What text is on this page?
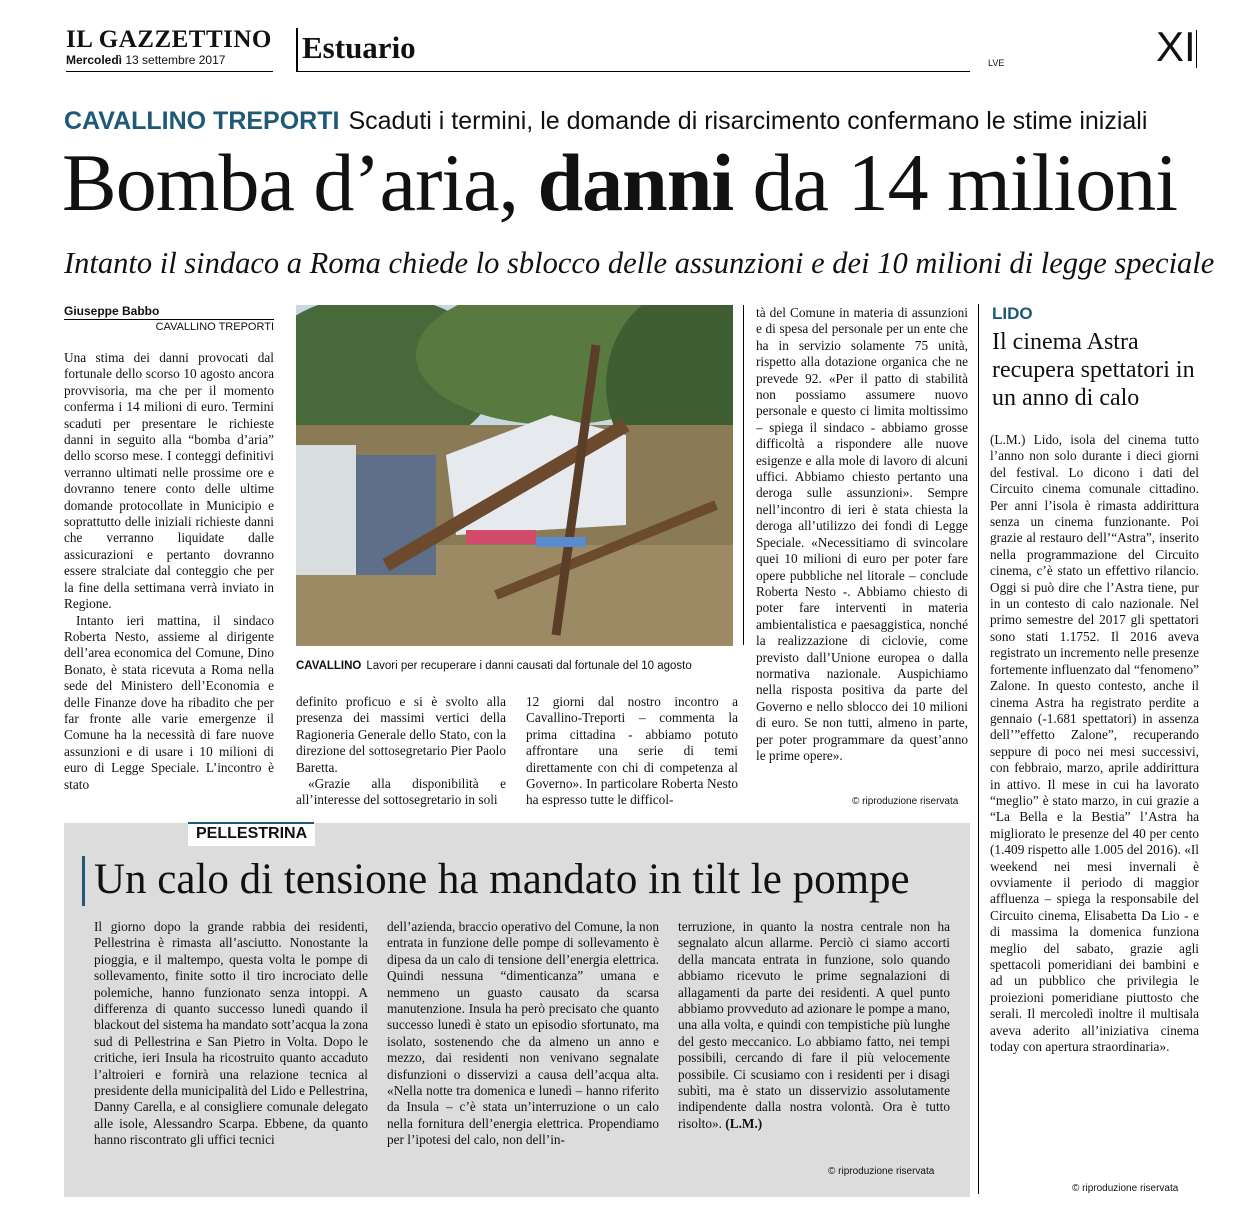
IL GAZZETTINO
Mercoledì 13 settembre 2017 Estuario	LVE	XI
CAVALLINO TREPORTI Scaduti i termini, le domande di risarcimento confermano le stime iniziali
Bomba d’aria, danni da 14 milioni
Intanto il sindaco a Roma chiede lo sblocco delle assunzioni e dei 10 milioni di legge speciale
Giuseppe Babbo
CAVALLINO TREPORTI

Una stima dei danni provocati dal fortunale dello scorso 10 agosto ancora provvisoria, ma che per il momento conferma i 14 milioni di euro. Termini scaduti per presentare le richieste danni in seguito alla “bomba d’aria” dello scorso mese. I conteggi definitivi verranno ultimati nelle prossime ore e dovranno tenere conto delle ultime domande protocollate in Municipio e soprattutto delle iniziali richieste danni che verranno liquidate dalle assicurazioni e pertanto dovranno essere stralciate dal conteggio che per la fine della settimana verrà inviato in Regione.

Intanto ieri mattina, il sindaco Roberta Nesto, assieme al dirigente dell’area economica del Comune, Dino Bonato, è stata ricevuta a Roma nella sede del Ministero dell’Economia e delle Finanze dove ha ribadito che per far fronte alle varie emergenze il Comune ha la necessità di fare nuove assunzioni e di usare i 10 milioni di euro di Legge Speciale. L’incontro è stato

CAVALLINO Lavori per recuperare i danni causati dal fortunale del 10 agosto

definito proficuo e si è svolto alla presenza dei massimi vertici della Ragioneria Generale dello Stato, con la direzione del sottosegretario Pier Paolo Baretta.

«Grazie alla disponibilità e all’interesse del sottosegretario in soli

12 giorni dal nostro incontro a Cavallino-Treporti – commenta la prima cittadina - abbiamo potuto affrontare una serie di temi direttamente con chi di competenza al Governo». In particolare Roberta Nesto ha espresso tutte le difficol-

tà del Comune in materia di assunzioni e di spesa del personale per un ente che ha in servizio solamente 75 unità, rispetto alla dotazione organica che ne prevede 92. «Per il patto di stabilità non possiamo assumere nuovo personale e questo ci limita moltissimo – spiega il sindaco - abbiamo grosse difficoltà a rispondere alle nuove esigenze e alla mole di lavoro di alcuni uffici. Abbiamo chiesto pertanto una deroga sulle assunzioni». Sempre nell’incontro di ieri è stata chiesta la deroga all’utilizzo dei fondi di Legge Speciale. «Necessitiamo di svincolare quei 10 milioni di euro per poter fare opere pubbliche nel litorale – conclude Roberta Nesto -. Abbiamo chiesto di poter fare interventi in materia ambientalistica e paesaggistica, nonché la realizzazione di ciclovie, come previsto dall’Unione europea o dalla normativa nazionale. Auspichiamo nella risposta positiva da parte del Governo e nello sblocco dei 10 milioni di euro. Se non tutti, almeno in parte, per poter programmare da quest’anno le prime opere».

© riproduzione riservata
LIDO
Il cinema Astra recupera spettatori in un anno di calo

(L.M.) Lido, isola del cinema tutto l’anno non solo durante i dieci giorni del festival. Lo dicono i dati del Circuito cinema comunale cittadino. Per anni l’isola è rimasta addirittura senza un cinema funzionante. Poi grazie al restauro dell’“Astra”, inserito nella programmazione del Circuito cinema, c’è stato un effettivo rilancio. Oggi si può dire che l’Astra tiene, pur in un contesto di calo nazionale. Nel primo semestre del 2017 gli spettatori sono stati 1.1752. Il 2016 aveva registrato un incremento nelle presenze fortemente influenzato dal “fenomeno” Zalone. In questo contesto, anche il cinema Astra ha registrato perdite a gennaio (-1.681 spettatori) in assenza dell’”effetto Zalone”, recuperando seppure di poco nei mesi successivi, con febbraio, marzo, aprile addirittura in attivo. Il mese in cui ha lavorato “meglio” è stato marzo, in cui grazie a “La Bella e la Bestia” l’Astra ha migliorato le presenze del 40 per cento (1.409 rispetto alle 1.005 del 2016). «Il weekend nei mesi invernali è ovviamente il periodo di maggior affluenza – spiega la responsabile del Circuito cinema, Elisabetta Da Lio - e di massima la domenica funziona meglio del sabato, grazie agli spettacoli pomeridiani dei bambini e ad un pubblico che privilegia le proiezioni pomeridiane piuttosto che serali. Il mercoledì inoltre il multisala aveva aderito all’iniziativa cinema today con apertura straordinaria».

© riproduzione riservata
PELLESTRINA
Un calo di tensione ha mandato in tilt le pompe

Il giorno dopo la grande rabbia dei residenti, Pellestrina è rimasta all’asciutto. Nonostante la pioggia, e il maltempo, questa volta le pompe di sollevamento, finite sotto il tiro incrociato delle polemiche, hanno funzionato senza intoppi. A differenza di quanto successo lunedì quando il blackout del sistema ha mandato sott’acqua la zona sud di Pellestrina e San Pietro in Volta. Dopo le critiche, ieri Insula ha ricostruito quanto accaduto l’altroieri e fornirà una relazione tecnica al presidente della municipalità del Lido e Pellestrina, Danny Carella, e al consigliere comunale delegato alle isole, Alessandro Scarpa. Ebbene, da quanto hanno riscontrato gli uffici tecnici

dell’azienda, braccio operativo del Comune, la non entrata in funzione delle pompe di sollevamento è dipesa da un calo di tensione dell’energia elettrica. Quindi nessuna “dimenticanza” umana e nemmeno un guasto causato da scarsa manutenzione. Insula ha però precisato che quanto successo lunedì è stato un episodio sfortunato, ma isolato, sostenendo che da almeno un anno e mezzo, dai residenti non venivano segnalate disfunzioni o disservizi a causa dell’acqua alta. «Nella notte tra domenica e lunedì – hanno riferito da Insula – c’è stata un’interruzione o un calo nella fornitura dell’energia elettrica. Propendiamo per l’ipotesi del calo, non dell’in-

terruzione, in quanto la nostra centrale non ha segnalato alcun allarme. Perciò ci siamo accorti della mancata entrata in funzione, solo quando abbiamo ricevuto le prime segnalazioni di allagamenti da parte dei residenti. A quel punto abbiamo provveduto ad azionare le pompe a mano, una alla volta, e quindi con tempistiche più lunghe del gesto meccanico. Lo abbiamo fatto, nei tempi possibili, cercando di fare il più velocemente possibile. Ci scusiamo con i residenti per i disagi subìti, ma è stato un disservizio assolutamente indipendente dalla nostra volontà. Ora è tutto risolto». (L.M.)

© riproduzione riservata
